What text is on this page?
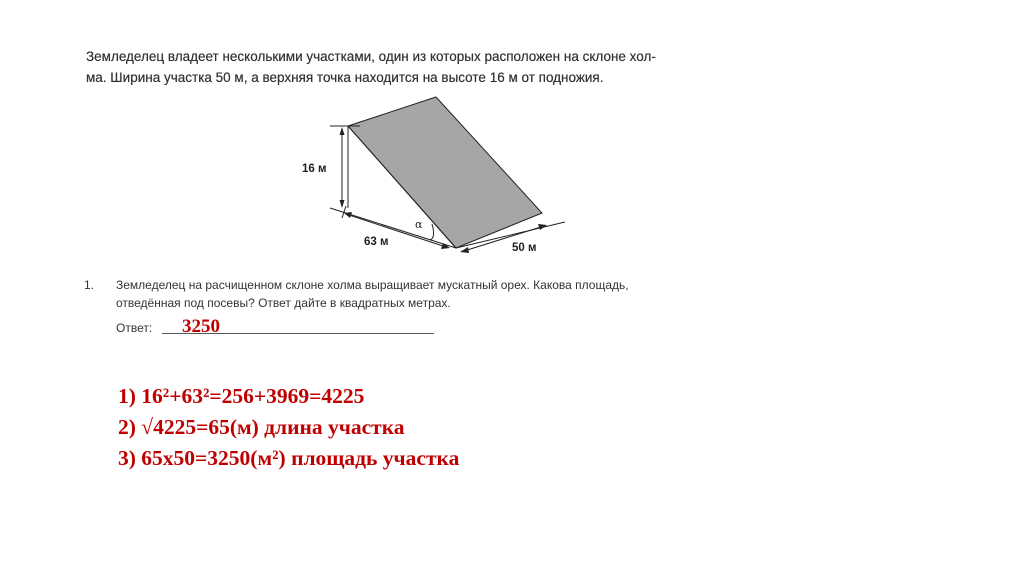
Земледелец владеет несколькими участками, один из которых расположен на склоне хол-
ма. Ширина участка 50 м, а верхняя точка находится на высоте 16 м от подножия.
16 м
63 м	50 м
α
1. Земледелец на расчищенном склоне холма выращивает мускатный орех. Какова площадь,
отведённая под посевы? Ответ дайте в квадратных метрах.
Ответ: 3250
1) 16²+63²=256+3969=4225
2) √4225=65(м) длина участка
3) 65х50=3250(м²) площадь участка
